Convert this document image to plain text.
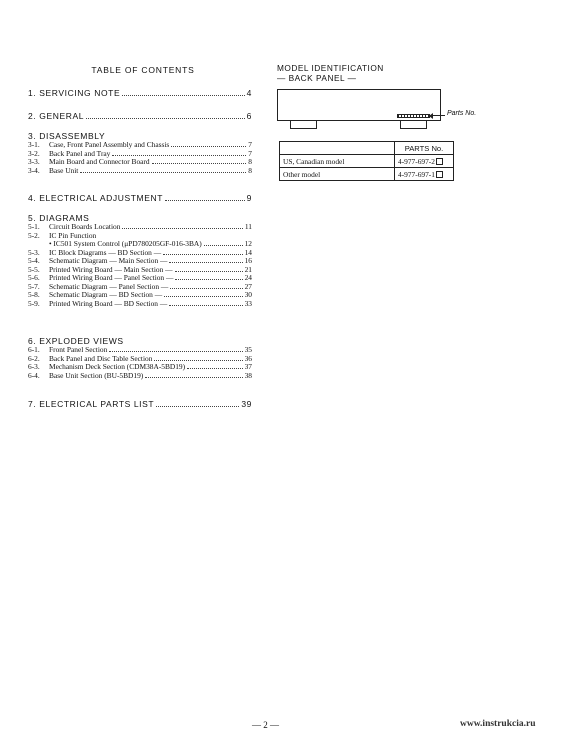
TABLE OF CONTENTS
1. SERVICING NOTE	4
2. GENERAL	6
3. DISASSEMBLY
3-1.	Case, Front Panel Assembly and Chassis	7
3-2.	Back Panel and Tray	7
3-3.	Main Board and Connector Board	8
3-4.	Base Unit	8
4. ELECTRICAL ADJUSTMENT	9
5. DIAGRAMS
5-1.	Circuit Boards Location	11
5-2.	IC Pin Function
• IC501 System Control (μPD780205GF-016-3BA)	12
5-3.	IC Block Diagrams — BD Section —	14
5-4.	Schematic Diagram — Main Section —	16
5-5.	Printed Wiring Board — Main Section —	21
5-6.	Printed Wiring Board — Panel Section —	24
5-7.	Schematic Diagram — Panel Section —	27
5-8.	Schematic Diagram — BD Section —	30
5-9.	Printed Wiring Board — BD Section —	33
6. EXPLODED VIEWS
6-1.	Front Panel Section	35
6-2.	Back Panel and Disc Table Section	36
6-3.	Mechanism Deck Section (CDM38A-5BD19)	37
6-4.	Base Unit Section (BU-5BD19)	38
7. ELECTRICAL PARTS LIST	39
MODEL IDENTIFICATION
— BACK PANEL —
Parts No.
	PARTS No.
US, Canadian model	4-977-697-2
Other model	4-977-697-1
— 2 —	www.instrukcia.ru
